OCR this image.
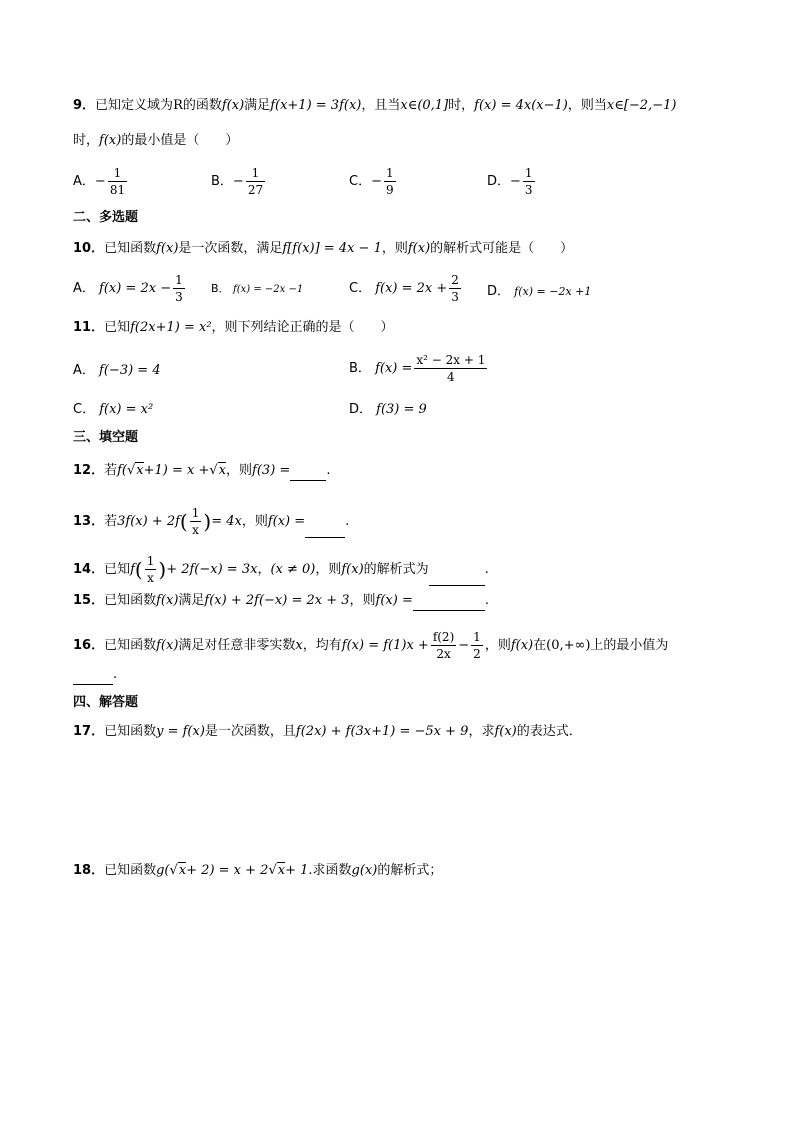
9．已知定义域为R的函数f(x)满足f(x+1) = 3f(x)，且当x∈(0,1]时，f(x) = 4x(x−1)，则当x∈[−2,−1)
时，f(x)的最小值是（　　）
A．− $\frac{1}{81}$	B．− $\frac{1}{27}$	C．− $\frac{1}{9}$	D．− $\frac{1}{3}$
二、多选题
10．已知函数f(x)是一次函数，满足f[f(x)] = 4x − 1，则f(x)的解析式可能是（　　）
A． $f(x) = 2x - \frac{1}{3}$ B． f(x) = −2x −1	C． $f(x) = 2x + \frac{2}{3}$ D． f(x) = −2x +1
11．已知f(2x+1) = x²，则下列结论正确的是（　　）
A． f(−3) = 4	B． $f(x) = \frac{\text{x² − 2x + 1}}{4}$
C． f(x) = x²	D． f(3) = 9
三、填空题
12．若f(√x+1) = x +√x，则f(3) =	.
13．若$3f(x) + 2f( \frac{1}{x}$ )= 4x，则f(x) =	.
14．已知$f( \frac{1}{x}$ )+ 2f(−x) = 3x，(x ≠ 0)，则f(x)的解析式为	.
15．已知函数f(x)满足f(x) + 2f(−x) = 2x + 3，则f(x) =	.
16．已知函数f(x)满足对任意非零实数x，均有$f(x) = f(1)x + \frac{f(2)}{2x} - \frac{1}{2}$ ，则f(x)在(0,+∞)上的最小值为
.
四、解答题
17．已知函数y = f(x)是一次函数，且f(2x) + f(3x+1) = −5x + 9，求f(x)的表达式．
18．已知函数g(√x+ 2) = x + 2√x+ 1.求函数g(x)的解析式；
